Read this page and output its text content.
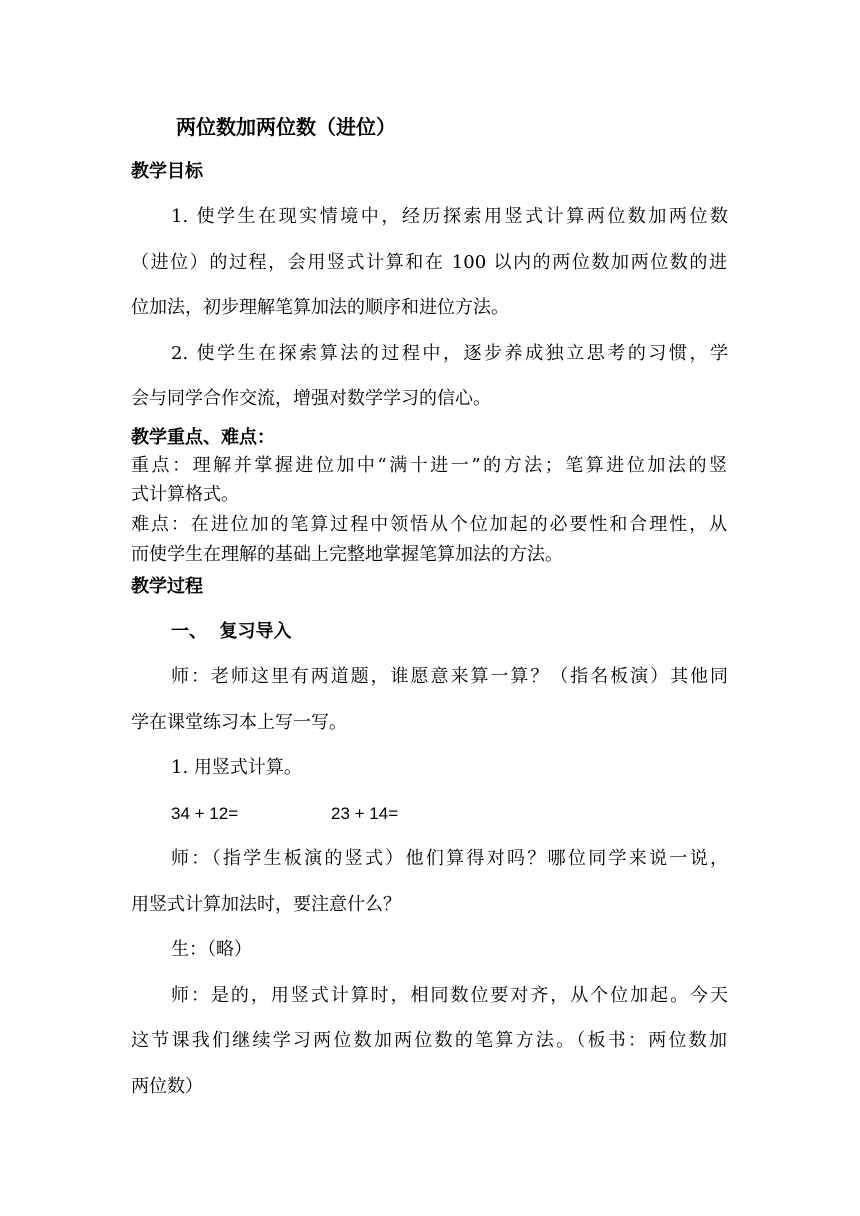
两位数加两位数（进位）
教学目标
1. 使学生在现实情境中，经历探索用竖式计算两位数加两位数
（进位）的过程，会用竖式计算和在 100 以内的两位数加两位数的进
位加法，初步理解笔算加法的顺序和进位方法。
2. 使学生在探索算法的过程中，逐步养成独立思考的习惯，学
会与同学合作交流，增强对数学学习的信心。
教学重点、难点：
重点：理解并掌握进位加中“满十进一”的方法；笔算进位加法的竖
式计算格式。
难点：在进位加的笔算过程中领悟从个位加起的必要性和合理性，从
而使学生在理解的基础上完整地掌握笔算加法的方法。
教学过程
一、  复习导入
师：老师这里有两道题，谁愿意来算一算？（指名板演）其他同
学在课堂练习本上写一写。
1. 用竖式计算。
34 + 12=	23 + 14=
师：（指学生板演的竖式）他们算得对吗？哪位同学来说一说，
用竖式计算加法时，要注意什么？
生：（略）
师：是的，用竖式计算时，相同数位要对齐，从个位加起。今天
这节课我们继续学习两位数加两位数的笔算方法。（板书：两位数加
两位数）
